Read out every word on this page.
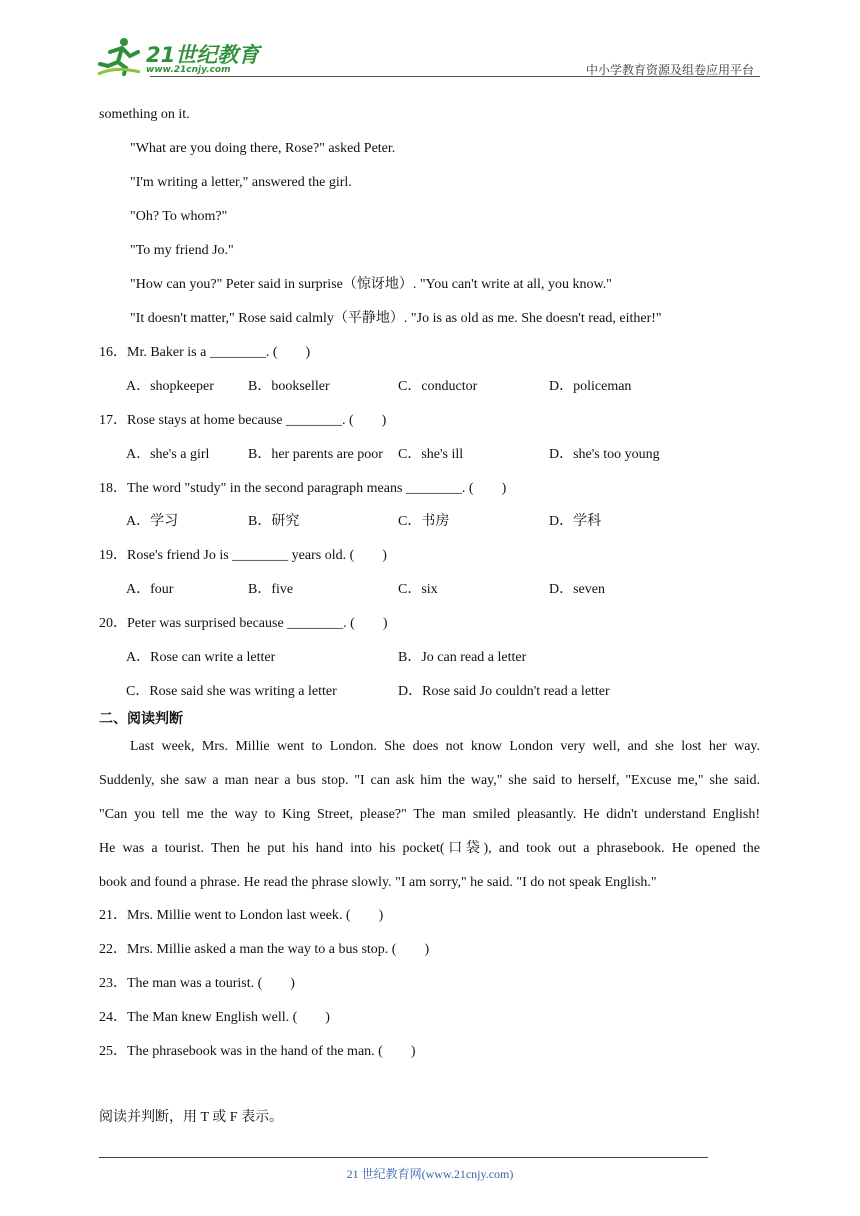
21世纪教育
www.21cnjy.com	中小学教育资源及组卷应用平台
something on it.
"What are you doing there, Rose?" asked Peter.
"I'm writing a letter," answered the girl.
"Oh? To whom?"
"To my friend Jo."
"How can you?" Peter said in surprise（惊讶地）. "You can't write at all, you know."
"It doesn't matter," Rose said calmly（平静地）. "Jo is as old as me. She doesn't read, either!"
16．Mr. Baker is a ________. (　　)
A．shopkeeper B．bookseller	C．conductor	D．policeman
17．Rose stays at home because ________. (　　)
A．she's a girl	B．her parents are poor C．she's ill	D．she's too young
18．The word "study" in the second paragraph means ________. (　　)
A．学习	B．研究	C．书房	D．学科
19．Rose's friend Jo is ________ years old. (　　)
A．four	B．five	C．six	D．seven
20．Peter was surprised because ________. (　　)
A．Rose can write a letter	B．Jo can read a letter
C．Rose said she was writing a letter	D．Rose said Jo couldn't read a letter
二、阅读判断
Last week, Mrs. Millie went to London. She does not know London very well, and she lost her way.
Suddenly, she saw a man near a bus stop. "I can ask him the way," she said to herself, "Excuse me," she said.
"Can you tell me the way to King Street, please?" The man smiled pleasantly. He didn't understand English!
He was a tourist. Then he put his hand into his pocket(口袋), and took out a phrasebook. He opened the
book and found a phrase. He read the phrase slowly. "I am sorry," he said. "I do not speak English."
21．Mrs. Millie went to London last week. (　　)
22．Mrs. Millie asked a man the way to a bus stop. (　　)
23．The man was a tourist. (　　)
24．The Man knew English well. (　　)
25．The phrasebook was in the hand of the man. (　　)
阅读并判断，用 T 或 F 表示。
21 世纪教育网(www.21cnjy.com)
